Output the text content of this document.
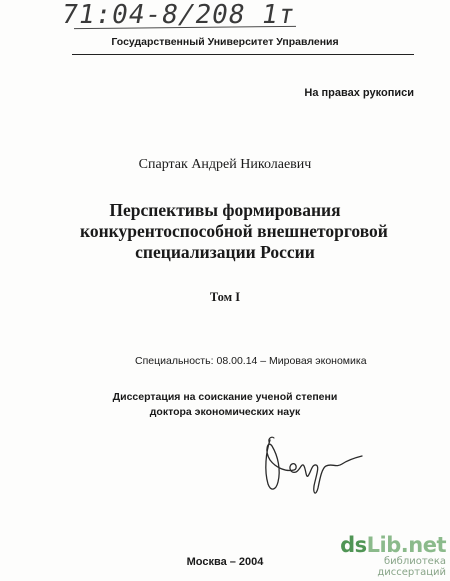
71:04-8/208 1т
Государственный Университет Управления
На правах рукописи
Спартак Андрей Николаевич
Перспективы формирования
конкурентоспособной внешнеторговой
специализации России
Том I
Специальность: 08.00.14 – Мировая экономика
Диссертация на соискание ученой степени
доктора экономических наук
Москва – 2004
dsLib.net
библиотека диссертаций
